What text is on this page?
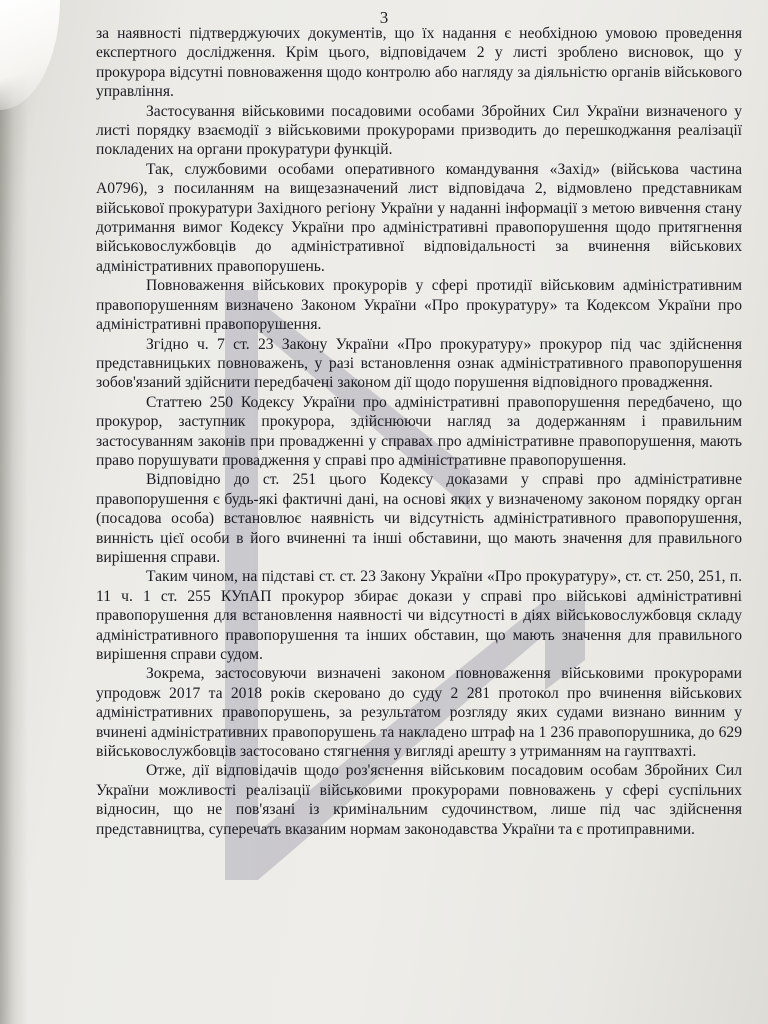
3

за наявності підтверджуючих документів, що їх надання є необхідною умовою проведення експертного дослідження. Крім цього, відповідачем 2 у листі зроблено висновок, що у прокурора відсутні повноваження щодо контролю або нагляду за діяльністю органів військового управління.

Застосування військовими посадовими особами Збройних Сил України визначеного у листі порядку взаємодії з військовими прокурорами призводить до перешкоджання реалізації покладених на органи прокуратури функцій.

Так, службовими особами оперативного командування «Захід» (військова частина А0796), з посиланням на вищезазначений лист відповідача 2, відмовлено представникам військової прокуратури Західного регіону України у наданні інформації з метою вивчення стану дотримання вимог Кодексу України про адміністративні правопорушення щодо притягнення військовослужбовців до адміністративної відповідальності за вчинення військових адміністративних правопорушень.

Повноваження військових прокурорів у сфері протидії військовим адміністративним правопорушенням визначено Законом України «Про прокуратуру» та Кодексом України про адміністративні правопорушення.

Згідно ч. 7 ст. 23 Закону України «Про прокуратуру» прокурор під час здійснення представницьких повноважень, у разі встановлення ознак адміністративного правопорушення зобов'язаний здійснити передбачені законом дії щодо порушення відповідного провадження.

Статтею 250 Кодексу України про адміністративні правопорушення передбачено, що прокурор, заступник прокурора, здійснюючи нагляд за додержанням і правильним застосуванням законів при провадженні у справах про адміністративне правопорушення, мають право порушувати провадження у справі про адміністративне правопорушення.

Відповідно до ст. 251 цього Кодексу доказами у справі про адміністративне правопорушення є будь-які фактичні дані, на основі яких у визначеному законом порядку орган (посадова особа) встановлює наявність чи відсутність адміністративного правопорушення, винність цієї особи в його вчиненні та інші обставини, що мають значення для правильного вирішення справи.

Таким чином, на підставі ст. ст. 23 Закону України «Про прокуратуру», ст. ст. 250, 251, п. 11 ч. 1 ст. 255 КУпАП прокурор збирає докази у справі про військові адміністративні правопорушення для встановлення наявності чи відсутності в діях військовослужбовця складу адміністративного правопорушення та інших обставин, що мають значення для правильного вирішення справи судом.

Зокрема, застосовуючи визначені законом повноваження військовими прокурорами упродовж 2017 та 2018 років скеровано до суду 2 281 протокол про вчинення військових адміністративних правопорушень, за результатом розгляду яких судами визнано винним у вчинені адміністративних правопорушень та накладено штраф на 1 236 правопорушника, до 629 військовослужбовців застосовано стягнення у вигляді арешту з утриманням на гауптвахті.

Отже, дії відповідачів щодо роз'яснення військовим посадовим особам Збройних Сил України можливості реалізації військовими прокурорами повноважень у сфері суспільних відносин, що не пов'язані із кримінальним судочинством, лише під час здійснення представництва, суперечать вказаним нормам законодавства України та є протиправними.
